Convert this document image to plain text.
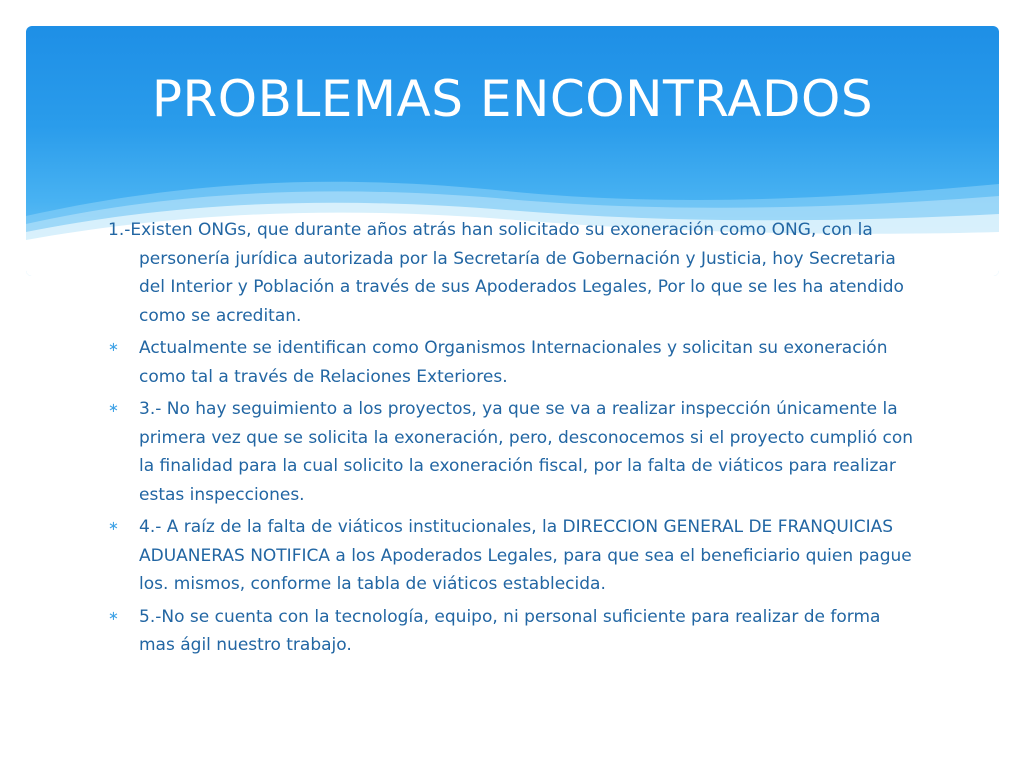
PROBLEMAS ENCONTRADOS
1.-Existen ONGs, que durante años atrás han solicitado su exoneración como ONG, con la personería jurídica autorizada por la Secretaría de Gobernación y Justicia, hoy Secretaria del Interior y Población a través de sus Apoderados Legales, Por lo que se les ha atendido como se acreditan.
∗ Actualmente se identifican como Organismos Internacionales y solicitan su exoneración como tal a través de Relaciones Exteriores.
∗ 3.- No hay seguimiento a los proyectos, ya que se va a realizar inspección únicamente la primera vez que se solicita la exoneración, pero, desconocemos si el proyecto cumplió con la finalidad para la cual solicito la exoneración fiscal, por la falta de viáticos para realizar estas inspecciones.
∗ 4.- A raíz de la falta de viáticos institucionales, la DIRECCION GENERAL DE FRANQUICIAS ADUANERAS NOTIFICA a los Apoderados Legales, para que sea el beneficiario quien pague los. mismos, conforme la tabla de viáticos establecida.
∗ 5.-No se cuenta con la tecnología, equipo, ni personal suficiente para realizar de forma mas ágil nuestro trabajo.
